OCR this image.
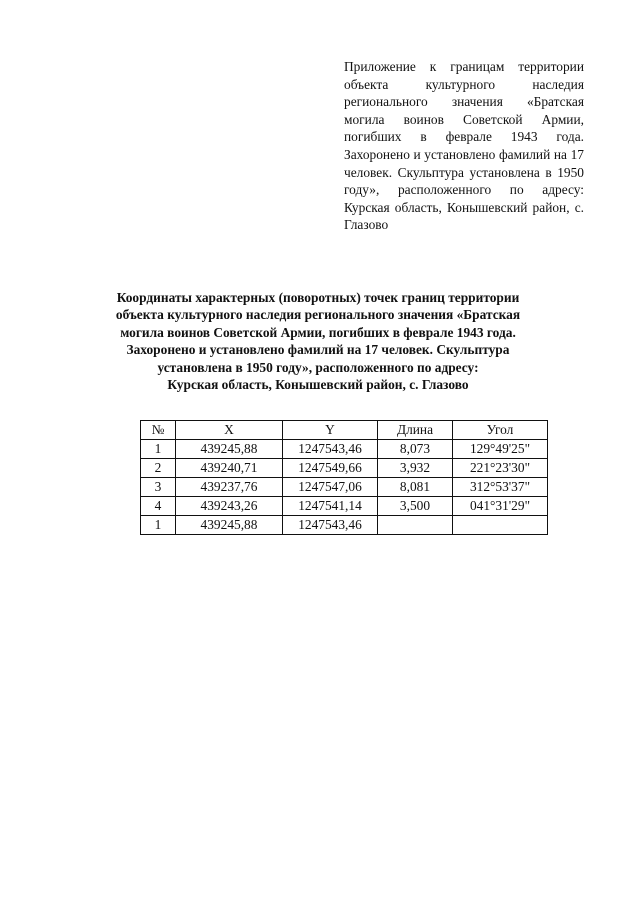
Приложение к границам территории объекта культурного наследия регионального значения «Братская могила воинов Советской Армии, погибших в феврале 1943 года. Захоронено и установлено фамилий на 17 человек. Скульптура установлена в 1950 году», расположенного по адресу: Курская область, Конышевский район, с. Глазово
Координаты характерных (поворотных) точек границ территории
объекта культурного наследия регионального значения «Братская
могила воинов Советской Армии, погибших в феврале 1943 года.
Захоронено и установлено фамилий на 17 человек. Скульптура
установлена в 1950 году», расположенного по адресу:
Курская область, Конышевский район, с. Глазово
№	X	Y	Длина	Угол
1	439245,88	1247543,46	8,073	129°49'25"
2	439240,71	1247549,66	3,932	221°23'30"
3	439237,76	1247547,06	8,081	312°53'37"
4	439243,26	1247541,14	3,500	041°31'29"
1	439245,88	1247543,46		
